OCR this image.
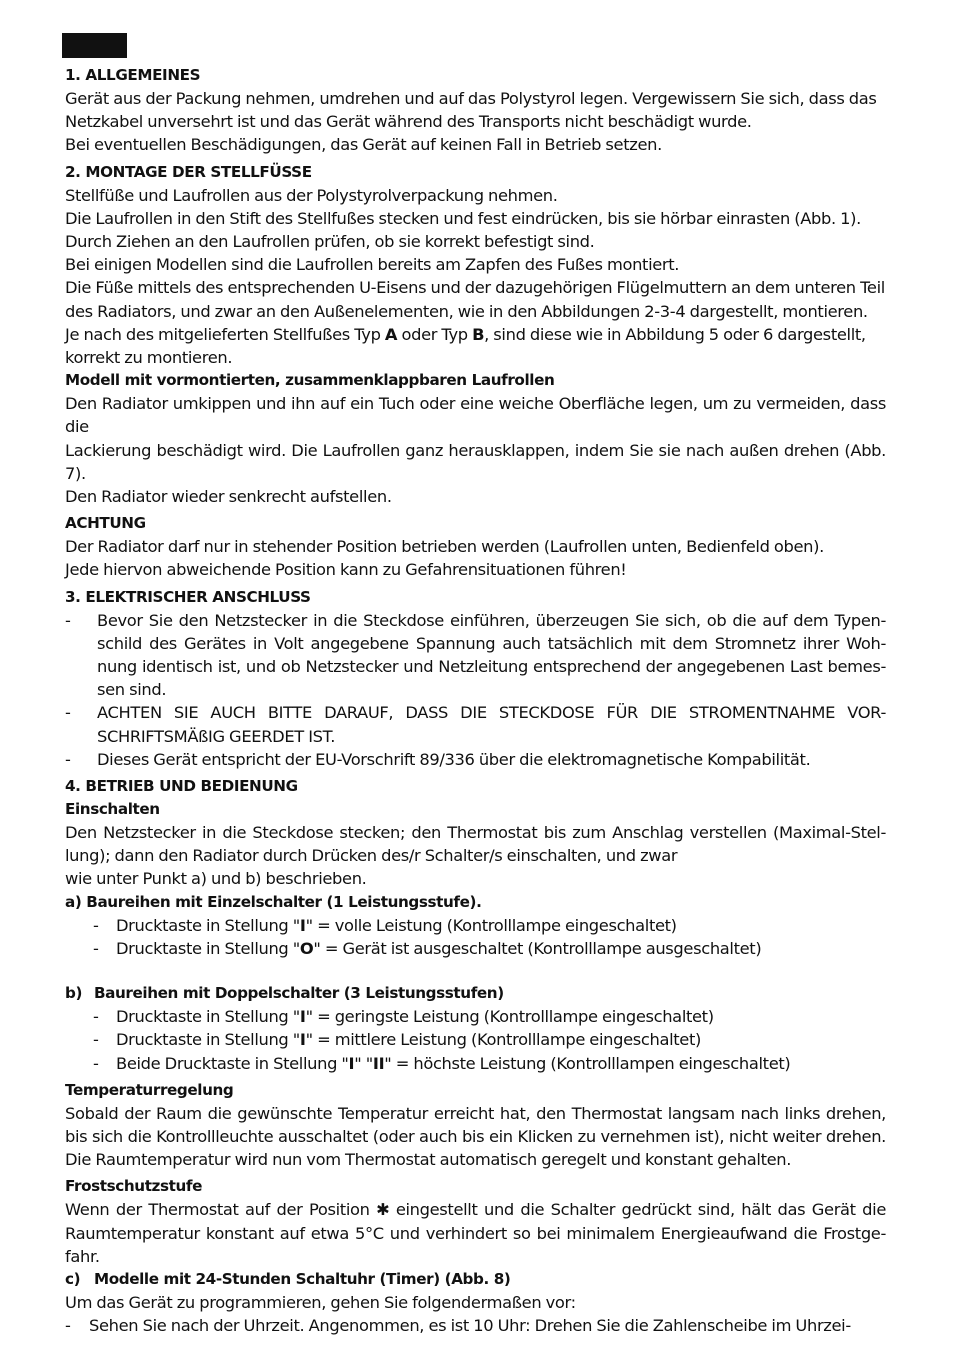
1. ALLGEMEINES

Gerät aus der Packung nehmen, umdrehen und auf das Polystyrol legen. Vergewissern Sie sich, dass das
Netzkabel unversehrt ist und das Gerät während des Transports nicht beschädigt wurde.
Bei eventuellen Beschädigungen, das Gerät auf keinen Fall in Betrieb setzen.

2. MONTAGE DER STELLFÜSSE

Stellfüße und Laufrollen aus der Polystyrolverpackung nehmen.
Die Laufrollen in den Stift des Stellfußes stecken und fest eindrücken, bis sie hörbar einrasten (Abb. 1).
Durch Ziehen an den Laufrollen prüfen, ob sie korrekt befestigt sind.
Bei einigen Modellen sind die Laufrollen bereits am Zapfen des Fußes montiert.
Die Füße mittels des entsprechenden U-Eisens und der dazugehörigen Flügelmuttern an dem unteren Teil
des Radiators, und zwar an den Außenelementen, wie in den Abbildungen 2-3-4 dargestellt, montieren.
Je nach des mitgelieferten Stellfußes Typ A oder Typ B, sind diese wie in Abbildung 5 oder 6 dargestellt,
korrekt zu montieren.

Modell mit vormontierten, zusammenklappbaren Laufrollen

Den Radiator umkippen und ihn auf ein Tuch oder eine weiche Oberfläche legen, um zu vermeiden, dass die
Lackierung beschädigt wird. Die Laufrollen ganz herausklappen, indem Sie sie nach außen drehen (Abb. 7).
Den Radiator wieder senkrecht aufstellen.

ACHTUNG

Der Radiator darf nur in stehender Position betrieben werden (Laufrollen unten, Bedienfeld oben).
Jede hiervon abweichende Position kann zu Gefahrensituationen führen!

3. ELEKTRISCHER ANSCHLUSS

-	Bevor Sie den Netzstecker in die Steckdose einführen, überzeugen Sie sich, ob die auf dem Typen- schild des Gerätes in Volt angegebene Spannung auch tatsächlich mit dem Stromnetz ihrer Woh- nung identisch ist, und ob Netzstecker und Netzleitung entsprechend der angegebenen Last bemes- sen sind.
-	ACHTEN SIE AUCH BITTE DARAUF, DASS DIE STECKDOSE FÜR DIE STROMENTNAHME VOR- SCHRIFTSMÄßIG GEERDET IST.
-	Dieses Gerät entspricht der EU-Vorschrift 89/336 über die elektromagnetische Kompabilität.

4. BETRIEB UND BEDIENUNG

Einschalten

Den Netzstecker in die Steckdose stecken; den Thermostat bis zum Anschlag verstellen (Maximal-Stel- lung); dann den Radiator durch Drücken des/r Schalter/s einschalten, und zwar
wie unter Punkt a) und b) beschrieben.

a) Baureihen mit Einzelschalter (1 Leistungsstufe).

-	Drucktaste in Stellung "I" = volle Leistung (Kontrolllampe eingeschaltet)
-	Drucktaste in Stellung "O" = Gerät ist ausgeschaltet (Kontrolllampe ausgeschaltet)

b) Baureihen mit Doppelschalter (3 Leistungsstufen)

-	Drucktaste in Stellung "I" = geringste Leistung (Kontrolllampe eingeschaltet)
-	Drucktaste in Stellung "I" = mittlere Leistung (Kontrolllampe eingeschaltet)
-	Beide Drucktaste in Stellung "I" "II" = höchste Leistung (Kontrolllampen eingeschaltet)

Temperaturregelung

Sobald der Raum die gewünschte Temperatur erreicht hat, den Thermostat langsam nach links drehen, bis sich die Kontrollleuchte ausschaltet (oder auch bis ein Klicken zu vernehmen ist), nicht weiter drehen. Die Raumtemperatur wird nun vom Thermostat automatisch geregelt und konstant gehalten.

Frostschutzstufe

Wenn der Thermostat auf der Position ✱ eingestellt und die Schalter gedrückt sind, hält das Gerät die Raumtemperatur konstant auf etwa 5°C und verhindert so bei minimalem Energieaufwand die Frostge- fahr.

c) Modelle mit 24-Stunden Schaltuhr (Timer) (Abb. 8)

Um das Gerät zu programmieren, gehen Sie folgendermaßen vor:

-	Sehen Sie nach der Uhrzeit. Angenommen, es ist 10 Uhr: Drehen Sie die Zahlenscheibe im Uhrzei-
